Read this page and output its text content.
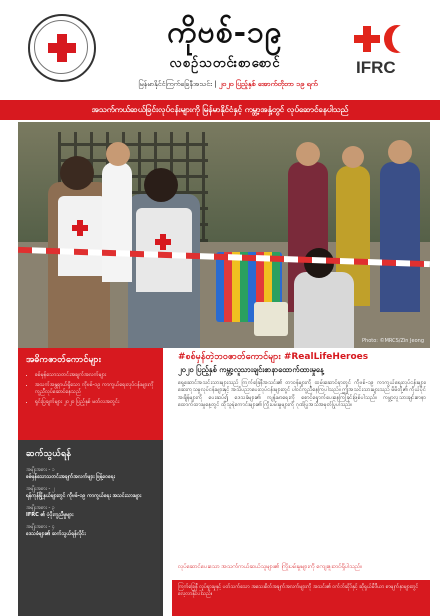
ကိုဗစ်-၁၉
လစဉ်သတင်းစာစောင်
မြန်မာနိုင်ငံကြက်ခြေနီအသင်း | ၂၀၂၀ ပြည့်နှစ် အောက်တိုဘာ ၁၉ ရက်
IFRC
အသက်ကယ်ဆယ်ခြင်းလုပ်ငန်းများကို မြန်မာနိုင်ငံနှင့် ကမ္ဘာ့အနှံ့တွင် လုပ်ဆောင်နေပါသည်
Photo: ©MRCS/Zin Jeong
အဓိကဇာတ်ကောင်များ
• စစ်မှန်သောသတင်းအချက်အလက်များ
• အသက်အန္တရာယ်ရှိသော ကိုဗစ်-၁၉ ကာကွယ်ရေးလုပ်ငန်းများကို ကူညီလုပ်ဆောင်နေသည်
• ရှင်းပြချက်များ ၂၀၂၀ ပြည့်နှစ် မတ်လအတွင်း
ဆက်သွယ်ရန်
အမျိုးအစား - ၁
စစ်မှန်သောသတင်းအချက်အလက်များ ဖြန့်ဝေရေး
အမျိုးအစား - ၂
ရန်ကုန်မြို့နယ်များတွင် ကိုဗစ်-၁၉ ကာကွယ်ရေး အသင်းသားများ
အမျိုးအစား - ၃
IFRC ၏ ပံ့ပိုးကူညီမှုများ
အမျိုးအစား - ၄
ဒေသခံများ၏ ဆက်သွယ်ရန်လိုင်း
#စစ်မှန်တဲ့ဘဝဇာတ်ကောင်များ #RealLifeHeroes
၂၀၂၀ ပြည့်နှစ် ကမ္ဘာ့လူသားချင်းစာနာထောက်ထားမှုနေ့
ရှေ့ဆောင်အသင်းသားများသည် ကြက်ခြေနီအသင်း၏ တာဝန်များကို ထမ်းဆောင်ရာတွင် ကိုဗစ်-၁၉ ကာကွယ်ရေးလုပ်ငန်းများ၊ ဆေးကုသမှုလုပ်ငန်းများနှင့် အသိပညာပေးလုပ်ငန်းများတွင် ပါဝင်ကူညီနေကြပါသည်။ ဤအသင်းသားများသည် မိမိတို့၏ ကိုယ်ပိုင်အချိန်များကို ပေးဆပ်၍ ဒေသခံများ၏ ကျန်းမာရေးကို စောင့်ရှောက်ပေးနေကြခြင်းဖြစ်ပါသည်။ ကမ္ဘာ့လူသားချင်းစာနာထောက်ထားမှုနေ့တွင် ထိုသူရဲကောင်းများ၏ ကြိုးပမ်းမှုများကို ဂုဏ်ပြုအသိအမှတ်ပြုပါသည်။
လုပ်ဆောင်ပေးသော အသက်ကယ်ဆယ်သူများ၏ ကြိုးပမ်းမှုများကို ကျေးဇူးတင်ရှိပါသည်။
ကြက်ခြေနီ လှုပ်ရှားမှုနှင့် ပတ်သက်သော အသေးစိတ်အချက်အလက်များကို အသင်း၏ ဝက်ဘ်ဆိုဒ်နှင့် ဆိုရှယ်မီဒီယာ စာမျက်နှာများတွင် လေ့လာနိုင်ပါသည်။
